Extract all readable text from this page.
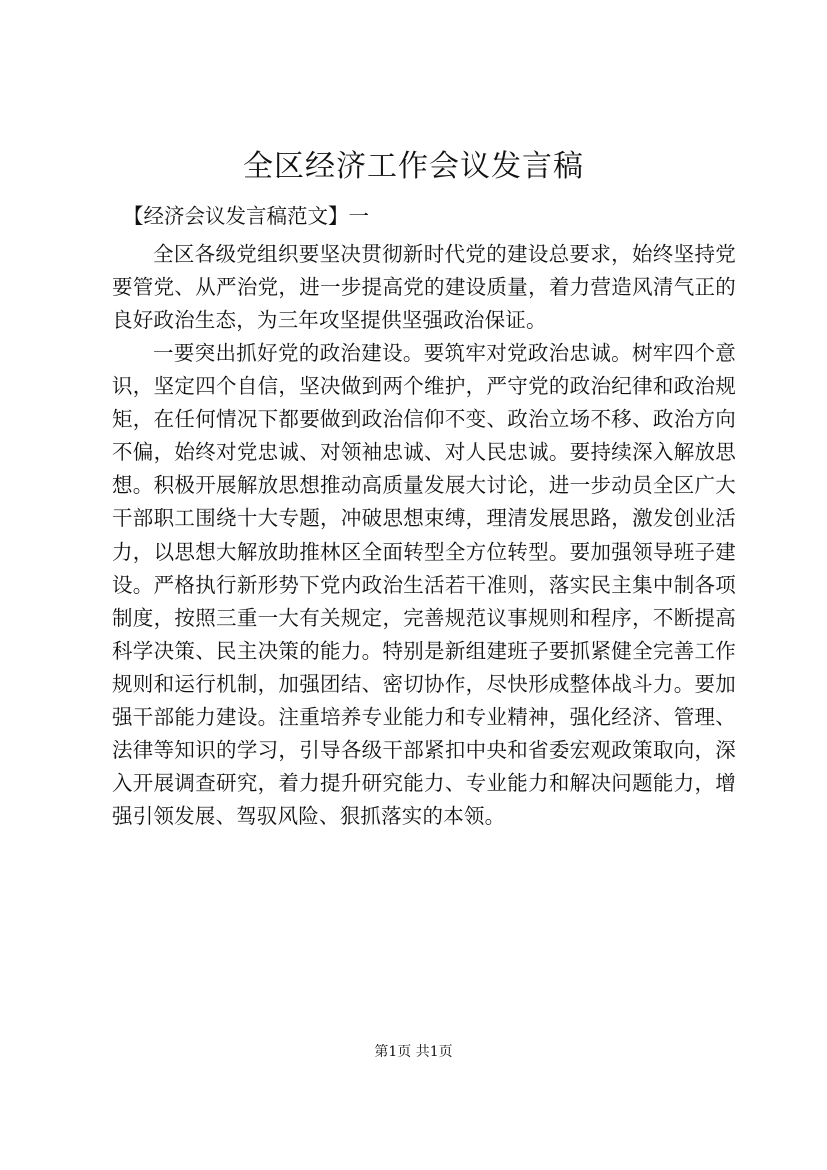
全区经济工作会议发言稿

【经济会议发言稿范文】一

全区各级党组织要坚决贯彻新时代党的建设总要求，始终坚持党要管党、从严治党，进一步提高党的建设质量，着力营造风清气正的良好政治生态，为三年攻坚提供坚强政治保证。

一要突出抓好党的政治建设。要筑牢对党政治忠诚。树牢四个意识，坚定四个自信，坚决做到两个维护，严守党的政治纪律和政治规矩，在任何情况下都要做到政治信仰不变、政治立场不移、政治方向不偏，始终对党忠诚、对领袖忠诚、对人民忠诚。要持续深入解放思想。积极开展解放思想推动高质量发展大讨论，进一步动员全区广大干部职工围绕十大专题，冲破思想束缚，理清发展思路，激发创业活力，以思想大解放助推林区全面转型全方位转型。要加强领导班子建设。严格执行新形势下党内政治生活若干准则，落实民主集中制各项制度，按照三重一大有关规定，完善规范议事规则和程序，不断提高科学决策、民主决策的能力。特别是新组建班子要抓紧健全完善工作规则和运行机制，加强团结、密切协作，尽快形成整体战斗力。要加强干部能力建设。注重培养专业能力和专业精神，强化经济、管理、法律等知识的学习，引导各级干部紧扣中央和省委宏观政策取向，深入开展调查研究，着力提升研究能力、专业能力和解决问题能力，增强引领发展、驾驭风险、狠抓落实的本领。

第1页 共1页
